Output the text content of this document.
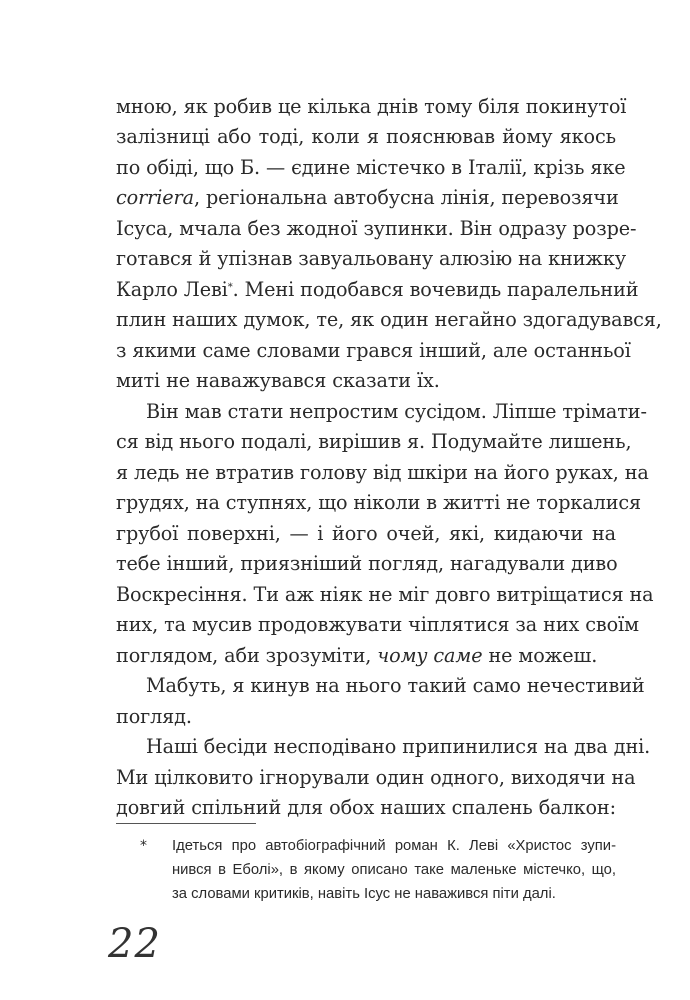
мною, як робив це кілька днів тому біля покинутої
залізниці або тоді, коли я пояснював йому якось
по обіді, що Б. — єдине містечко в Італії, крізь яке
corriera, регіональна автобусна лінія, перевозячи
Ісуса, мчала без жодної зупинки. Він одразу розре-
готався й упізнав завуальовану алюзію на книжку
Карло Леві*. Мені подобався вочевидь паралельний
плин наших думок, те, як один негайно здогадувався,
з якими саме словами грався інший, але останньої
миті не наважувався сказати їх.
Він мав стати непростим сусідом. Ліпше трімати-
ся від нього подалі, вирішив я. Подумайте лишень,
я ледь не втратив голову від шкіри на його руках, на
грудях, на ступнях, що ніколи в житті не торкалися
грубої поверхні, — і його очей, які, кидаючи на
тебе інший, приязніший погляд, нагадували диво
Воскресіння. Ти аж ніяк не міг довго витріщатися на
них, та мусив продовжувати чіплятися за них своїм
поглядом, аби зрозуміти, чому саме не можеш.
Мабуть, я кинув на нього такий само нечестивий
погляд.
Наші бесіди несподівано припинилися на два дні.
Ми цілковито ігнорували один одного, виходячи на
довгий спільний для обох наших спалень балкон:
* Ідеться про автобіографічний роман К. Леві «Христос зупи-
нився в Еболі», в якому описано таке маленьке містечко, що,
за словами критиків, навіть Ісус не наважився піти далі.
22
